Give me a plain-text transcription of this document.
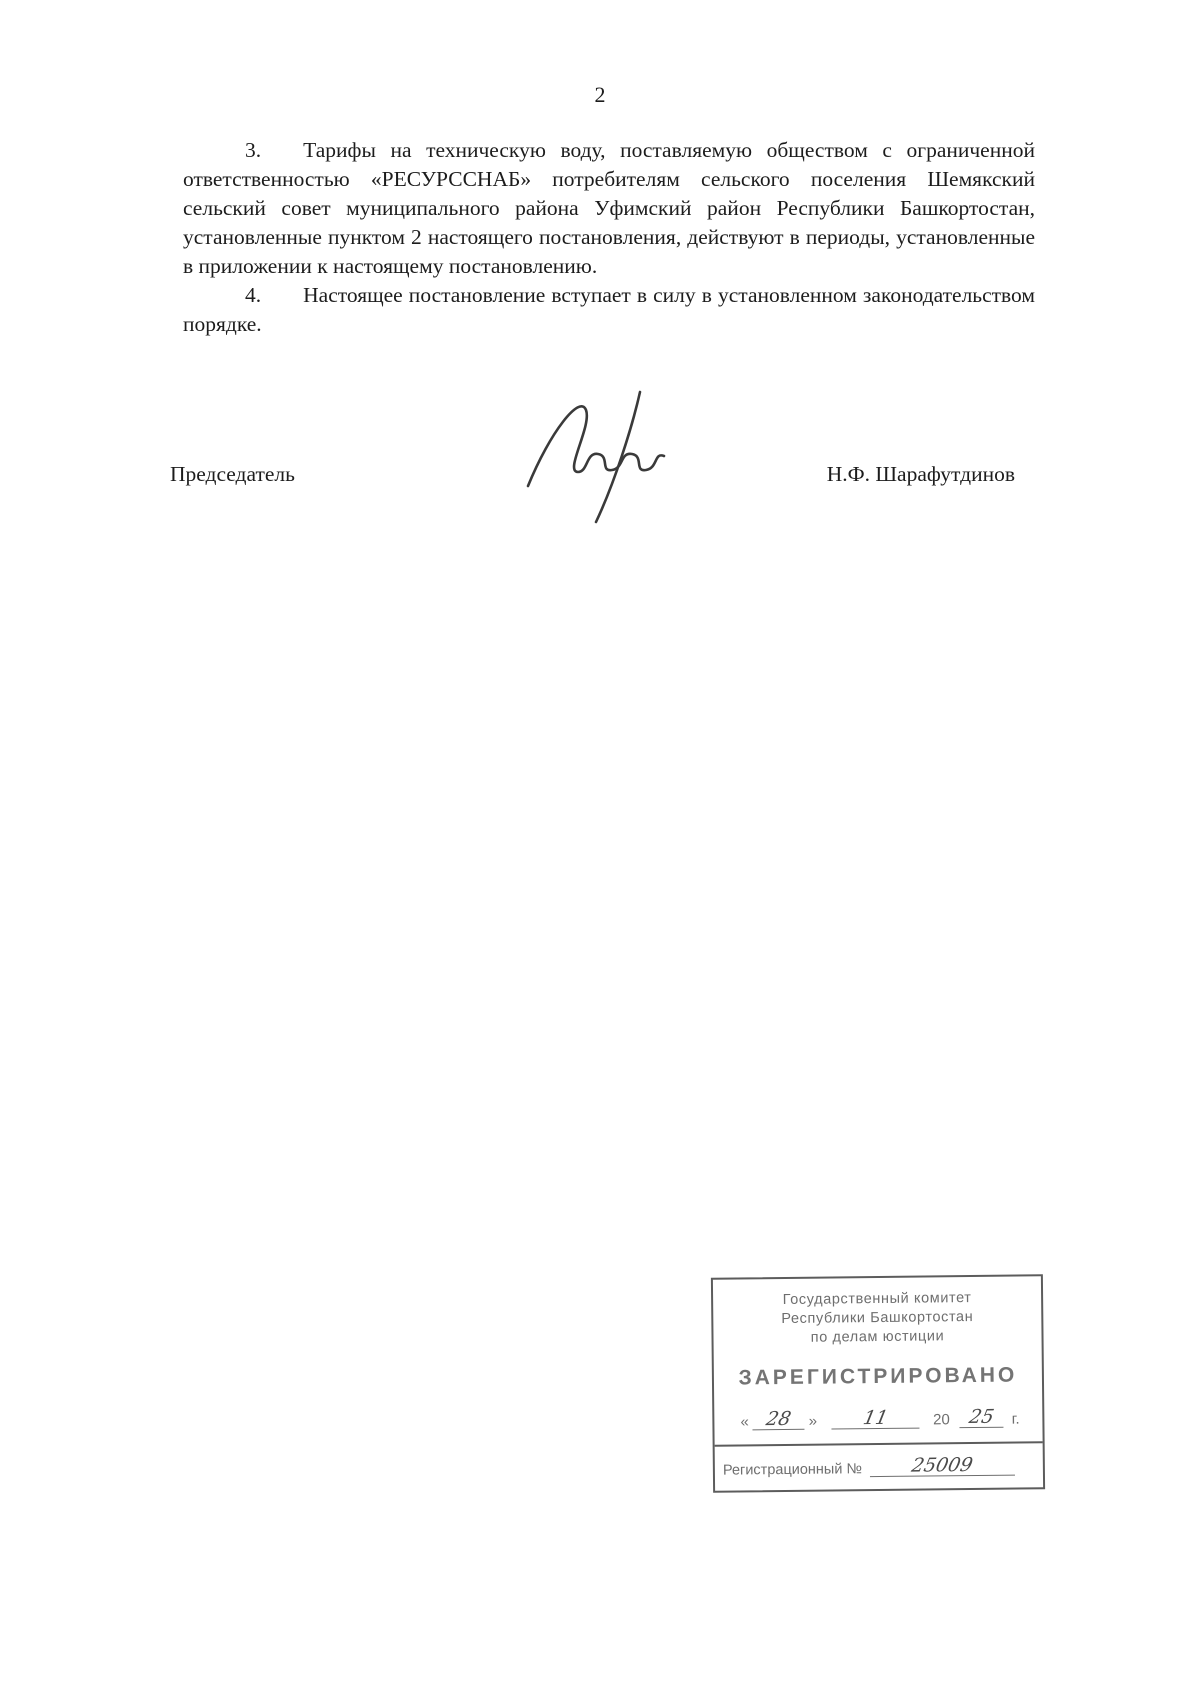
2

3. Тарифы на техническую воду, поставляемую обществом с ограниченной ответственностью «РЕСУРССНАБ» потребителям сельского поселения Шемякский сельский совет муниципального района Уфимский район Республики Башкортостан, установленные пунктом 2 настоящего постановления, действуют в периоды, установленные в приложении к настоящему постановлению.

4. Настоящее постановление вступает в силу в установленном законодательством порядке.

Председатель	Н.Ф. Шарафутдинов
Государственный комитет
Республики Башкортостан
по делам юстиции
ЗАРЕГИСТРИРОВАНО
« 28	»	11	20 25	г.
Регистрационный №	25009
